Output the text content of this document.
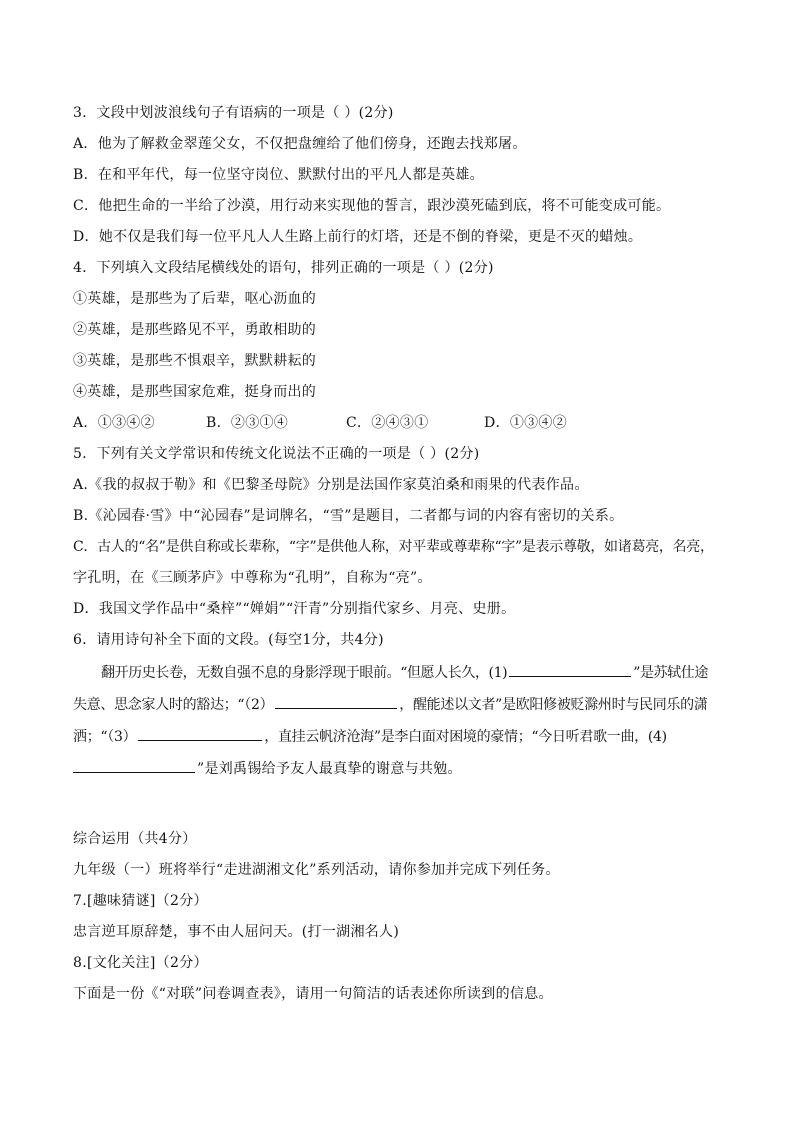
3．文段中划波浪线句子有语病的一项是（ ）(2分)
A．他为了解救金翠莲父女，不仅把盘缠给了他们傍身，还跑去找郑屠。
B．在和平年代，每一位坚守岗位、默默付出的平凡人都是英雄。
C．他把生命的一半给了沙漠，用行动来实现他的誓言，跟沙漠死磕到底，将不可能变成可能。
D．她不仅是我们每一位平凡人人生路上前行的灯塔，还是不倒的脊梁，更是不灭的蜡烛。
4．下列填入文段结尾横线处的语句，排列正确的一项是（ ）(2分)
①英雄，是那些为了后辈，呕心沥血的
②英雄，是那些路见不平，勇敢相助的
③英雄，是那些不惧艰辛，默默耕耘的
④英雄，是那些国家危难，挺身而出的
A．①③④②	B．②③①④	C．②④③①	D．①③④②
5．下列有关文学常识和传统文化说法不正确的一项是（ ）(2分)
A.《我的叔叔于勒》和《巴黎圣母院》分别是法国作家莫泊桑和雨果的代表作品。
B.《沁园春·雪》中“沁园春”是词牌名，“雪”是题目，二者都与词的内容有密切的关系。
C．古人的“名”是供自称或长辈称，“字”是供他人称，对平辈或尊辈称“字”是表示尊敬，如诸葛亮，名亮，
字孔明，在《三顾茅庐》中尊称为“孔明”，自称为“亮”。
D．我国文学作品中“桑梓”“婵娟”“汗青”分别指代家乡、月亮、史册。
6．请用诗句补全下面的文段。(每空1分，共4分)
翻开历史长卷，无数自强不息的身影浮现于眼前。“但愿人长久，(1)	”是苏轼仕途
失意、思念家人时的豁达；“（2）	，醒能述以文者”是欧阳修被贬滁州时与民同乐的潇
洒；“（3）	，直挂云帆济沧海”是李白面对困境的豪情；“今日听君歌一曲，(4)
”是刘禹锡给予友人最真挚的谢意与共勉。
综合运用（共4分）
九年级（一）班将举行“走进湖湘文化”系列活动，请你参加并完成下列任务。
7.[趣味猜谜]（2分）
忠言逆耳原辞楚，事不由人屈问天。(打一湖湘名人)
8.[文化关注]（2分）
下面是一份《“对联”问卷调查表》，请用一句简洁的话表述你所读到的信息。
